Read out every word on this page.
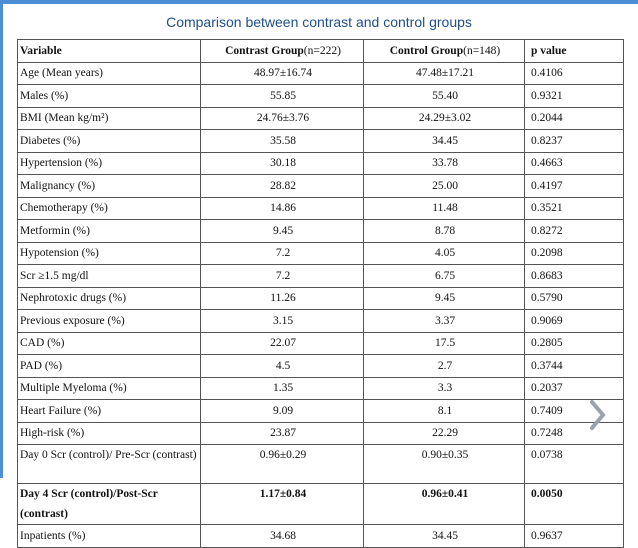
Comparison between contrast and control groups
Variable	Contrast Group(n=222)	Control Group(n=148)	p value
Age (Mean years)	48.97±16.74	47.48±17.21	0.4106
Males (%)	55.85	55.40	0.9321
BMI (Mean kg/m²)	24.76±3.76	24.29±3.02	0.2044
Diabetes (%)	35.58	34.45	0.8237
Hypertension (%)	30.18	33.78	0.4663
Malignancy (%)	28.82	25.00	0.4197
Chemotherapy (%)	14.86	11.48	0.3521
Metformin (%)	9.45	8.78	0.8272
Hypotension (%)	7.2	4.05	0.2098
Scr ≥1.5 mg/dl	7.2	6.75	0.8683
Nephrotoxic drugs (%)	11.26	9.45	0.5790
Previous exposure (%)	3.15	3.37	0.9069
CAD (%)	22.07	17.5	0.2805
PAD (%)	4.5	2.7	0.3744
Multiple Myeloma (%)	1.35	3.3	0.2037
Heart Failure (%)	9.09	8.1	0.7409
High-risk (%)	23.87	22.29	0.7248
Day 0 Scr (control)/ Pre-Scr (contrast)	0.96±0.29	0.90±0.35	0.0738
Day 4 Scr (control)/Post-Scr (contrast)	1.17±0.84	0.96±0.41	0.0050
Inpatients (%)	34.68	34.45	0.9637
